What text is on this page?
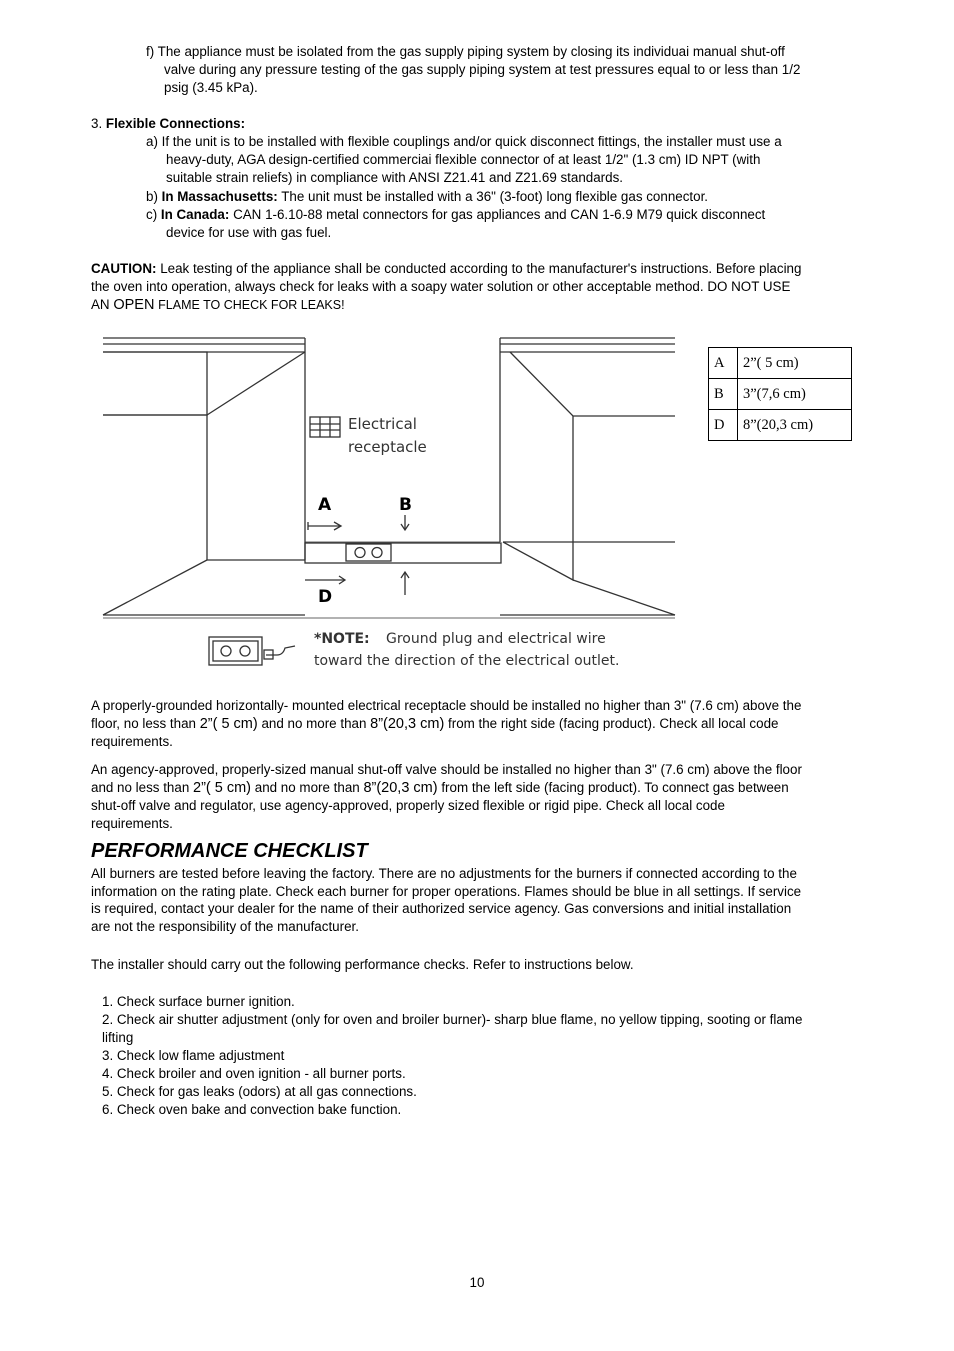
f) The appliance must be isolated from the gas supply piping system by closing its individuai manual shut-off
valve during any pressure testing of the gas supply piping system at test pressures equal to or less than 1/2
psig (3.45 kPa).
3. Flexible Connections:
a) If the unit is to be installed with flexible couplings and/or quick disconnect fittings, the installer must use a
heavy-duty, AGA design-certified commerciai flexible connector of at least 1/2" (1.3 cm) ID NPT (with
suitable strain reliefs) in compliance with ANSI Z21.41 and Z21.69 standards.
b) In Massachusetts: The unit must be installed with a 36" (3-foot) long flexible gas connector.
c) In Canada: CAN 1-6.10-88 metal connectors for gas appliances and CAN 1-6.9 M79 quick disconnect
device for use with gas fuel.
CAUTION: Leak testing of the appliance shall be conducted according to the manufacturer's instructions. Before placing
the oven into operation, always check for leaks with a soapy water solution or other acceptable method. DO NOT USE
AN OPEN FLAME TO CHECK FOR LEAKS!
Electrical
receptacle
A	B
D
*NOTE: Ground plug and electrical wire
toward the direction of the electrical outlet.
A	2”( 5 cm)
B	3”(7,6 cm)
D	8”(20,3 cm)
A properly-grounded horizontally- mounted electrical receptacle should be installed no higher than 3" (7.6 cm) above the
floor, no less than 2”( 5 cm) and no more than 8”(20,3 cm) from the right side (facing product). Check all local code
requirements.
An agency-approved, properly-sized manual shut-off valve should be installed no higher than 3" (7.6 cm) above the floor
and no less than 2”( 5 cm) and no more than 8”(20,3 cm) from the left side (facing product). To connect gas between
shut-off valve and regulator, use agency-approved, properly sized flexible or rigid pipe. Check all local code
requirements.
PERFORMANCE CHECKLIST
All burners are tested before leaving the factory. There are no adjustments for the burners if connected according to the
information on the rating plate. Check each burner for proper operations. Flames should be blue in all settings. If service
is required, contact your dealer for the name of their authorized service agency. Gas conversions and initial installation
are not the responsibility of the manufacturer.
The installer should carry out the following performance checks. Refer to instructions below.
1. Check surface burner ignition.
2. Check air shutter adjustment (only for oven and broiler burner)- sharp blue flame, no yellow tipping, sooting or flame
lifting
3. Check low flame adjustment
4. Check broiler and oven ignition - all burner ports.
5. Check for gas leaks (odors) at all gas connections.
6. Check oven bake and convection bake function.
10
